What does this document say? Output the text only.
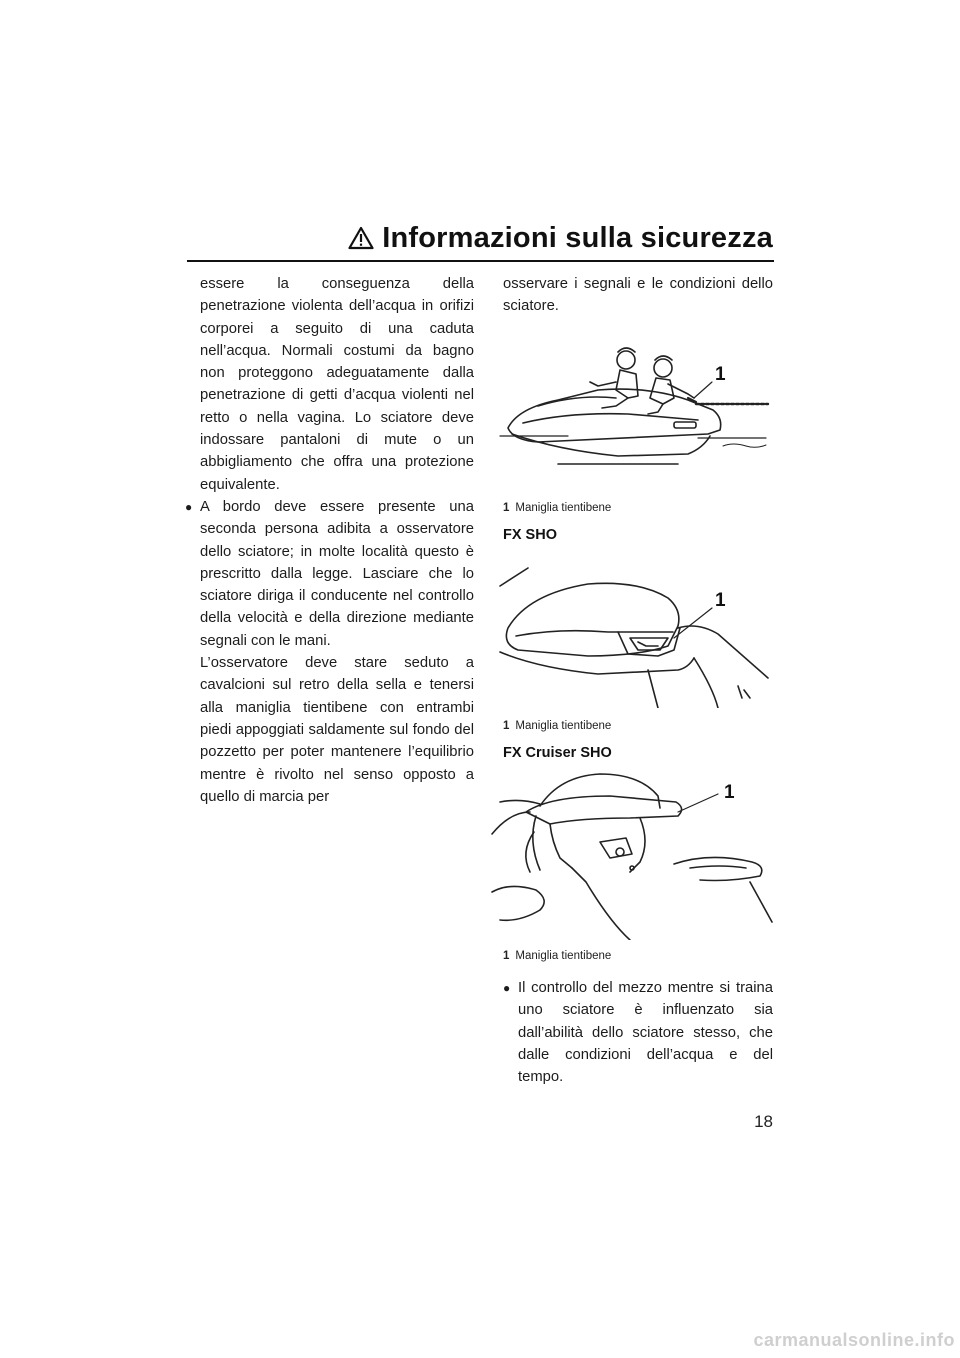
Informazioni sulla sicurezza

essere la conseguenza della penetrazione violenta dell’acqua in orifizi corporei a seguito di una caduta nell’acqua. Normali costumi da bagno non proteggono adeguatamente dalla penetrazione di getti d’acqua violenti nel retto o nella vagina. Lo sciatore deve indossare pantaloni di mute o un abbigliamento che offra una protezione equivalente.

● A bordo deve essere presente una seconda persona adibita a osservatore dello sciatore; in molte località questo è prescritto dalla legge. Lasciare che lo sciatore diriga il conducente nel controllo della velocità e della direzione mediante segnali con le mani.

L’osservatore deve stare seduto a cavalcioni sul retro della sella e tenersi alla maniglia tientibene con entrambi piedi appoggiati saldamente sul fondo del pozzetto per poter mantenere l’equilibrio mentre è rivolto nel senso opposto a quello di marcia per

osservare i segnali e le condizioni dello sciatore.

1
1 Maniglia tientibene
FX SHO
1
1 Maniglia tientibene
FX Cruiser SHO
1
1 Maniglia tientibene

● Il controllo del mezzo mentre si traina uno sciatore è influenzato sia dall’abilità dello sciatore stesso, che dalle condizioni dell’acqua e del tempo.

18
carmanualsonline.info
